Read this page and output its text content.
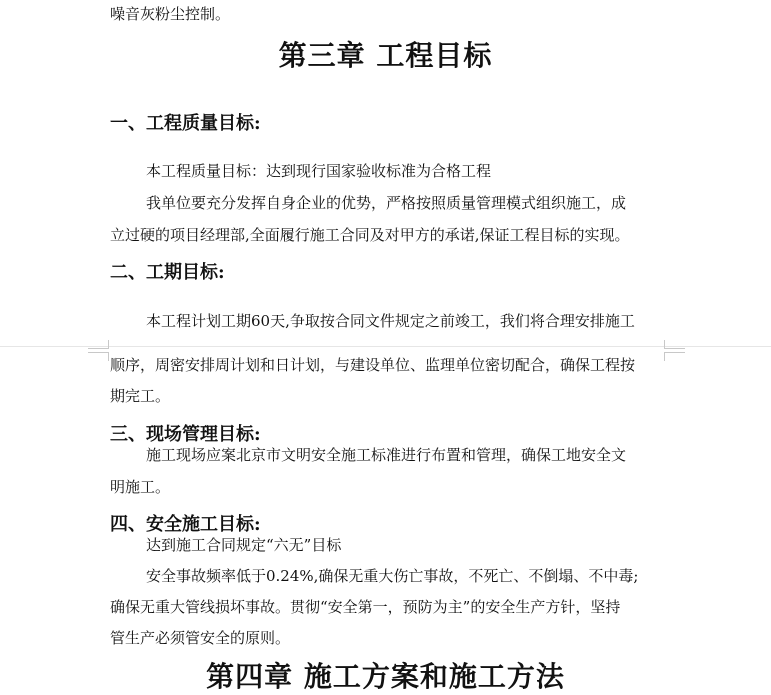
噪音灰粉尘控制。
第三章 工程目标
一、工程质量目标:
本工程质量目标：达到现行国家验收标准为合格工程
我单位要充分发挥自身企业的优势，严格按照质量管理模式组织施工，成
立过硬的项目经理部,全面履行施工合同及对甲方的承诺,保证工程目标的实现。
二、工期目标:
本工程计划工期60天,争取按合同文件规定之前竣工，我们将合理安排施工
顺序，周密安排周计划和日计划，与建设单位、监理单位密切配合，确保工程按
期完工。
三、现场管理目标:
施工现场应案北京市文明安全施工标准进行布置和管理，确保工地安全文
明施工。
四、安全施工目标:
达到施工合同规定“六无”目标
安全事故频率低于0.24%,确保无重大伤亡事故，不死亡、不倒塌、不中毒;
确保无重大管线损坏事故。贯彻“安全第一，预防为主”的安全生产方针，坚持
管生产必须管安全的原则。
第四章 施工方案和施工方法
